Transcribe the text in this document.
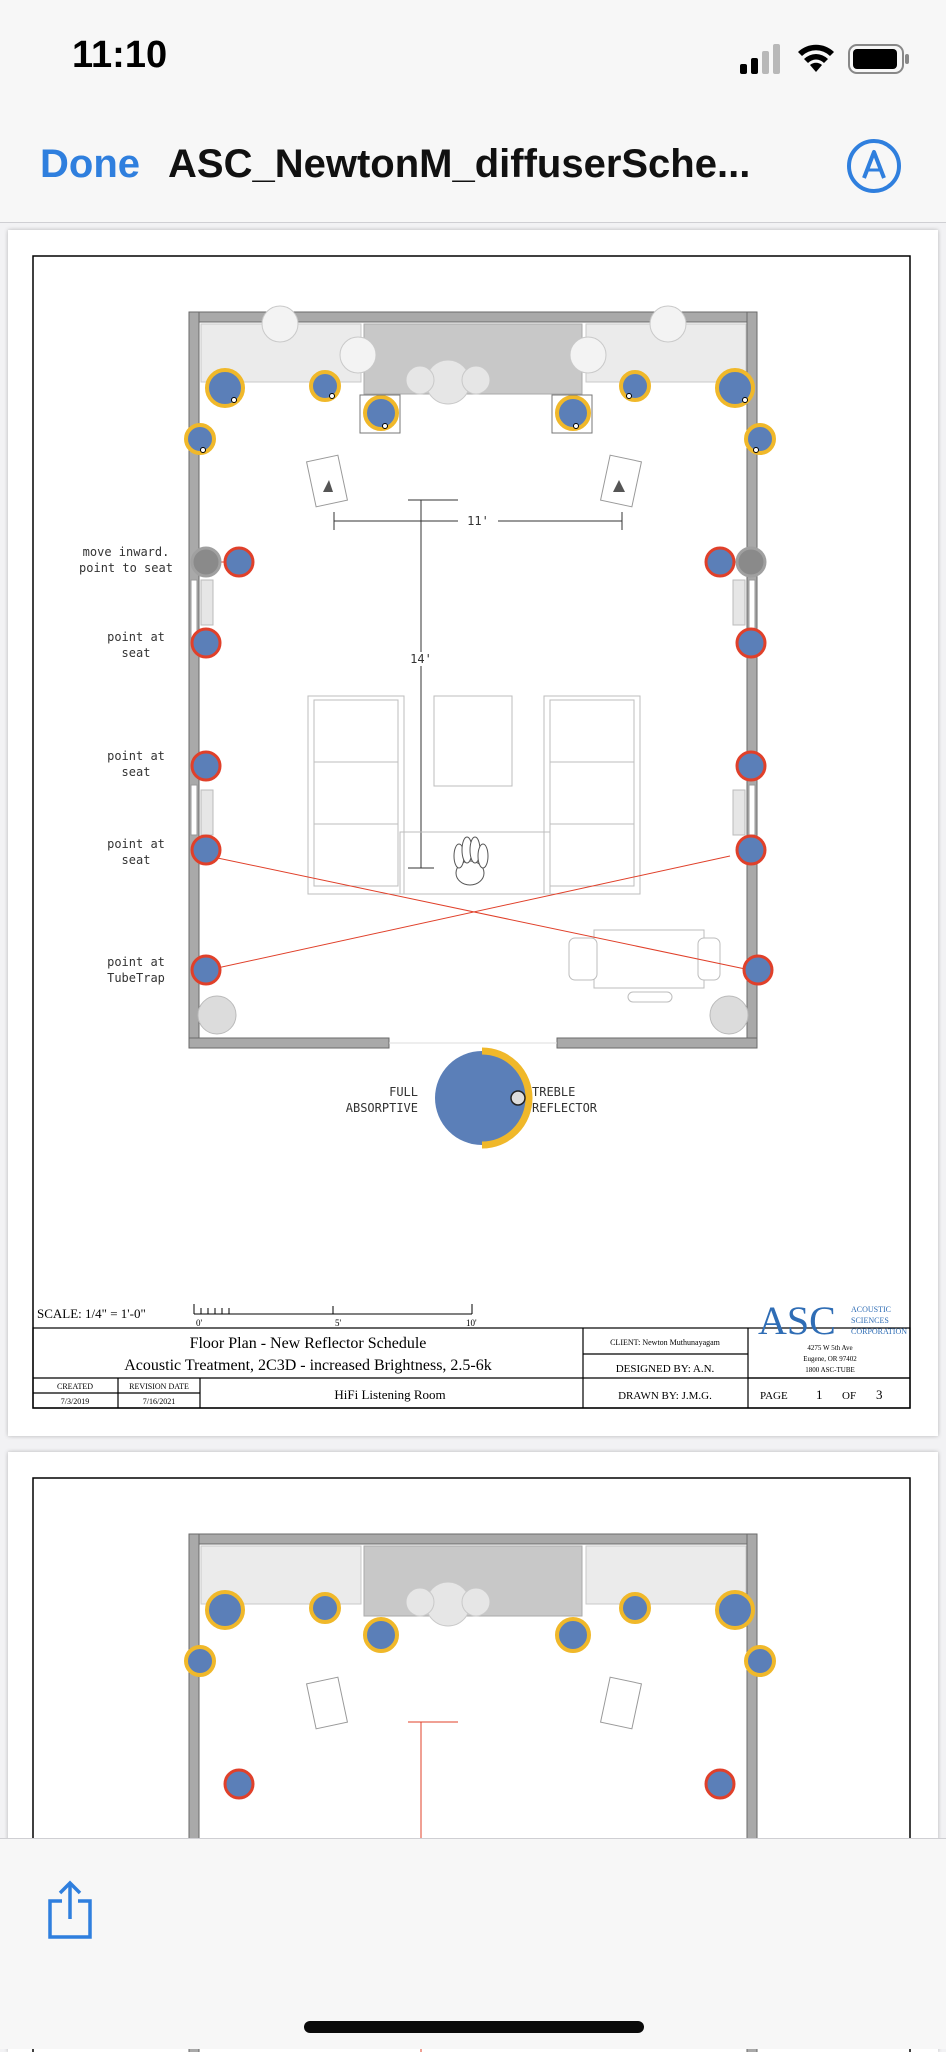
11:10
Done ASC_NewtonM_diffuserSche...
11'
14'
move inward.
point to seat
point at
seat
point at
seat
point at
seat
point at
TubeTrap
FULL
ABSORPTIVE
TREBLE
REFLECTOR
SCALE: 1/4" = 1'-0"
0'	5'	10'
Floor Plan - New Reflector Schedule
Acoustic Treatment, 2C3D - increased Brightness, 2.5-6k
HiFi Listening Room
CLIENT: Newton Muthunayagam
DESIGNED BY: A.N.
DRAWN BY: J.M.G.
CREATED
7/3/2019
REVISION DATE
7/16/2021	PAGE 1 OF 3
ASC ACOUSTIC
SCIENCES
CORPORATION
4275 W 5th Ave
Eugene, OR 97402
1800 ASC-TUBE
